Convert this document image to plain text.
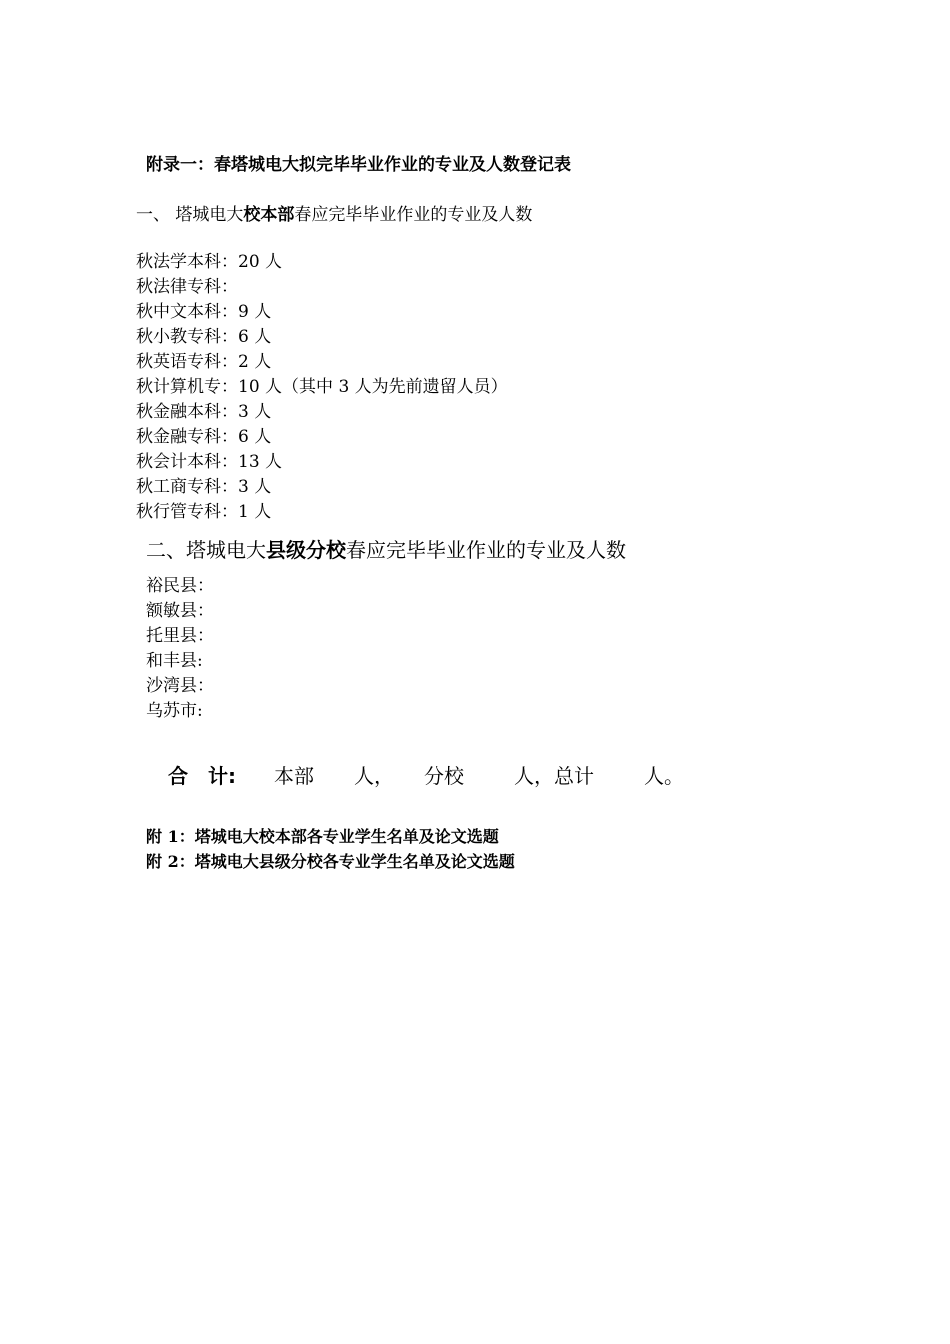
附录一：春塔城电大拟完毕毕业作业的专业及人数登记表
一、 塔城电大校本部春应完毕毕业作业的专业及人数
秋法学本科：20 人
秋法律专科：
秋中文本科：9 人
秋小教专科：6 人
秋英语专科：2 人
秋计算机专：10 人（其中 3 人为先前遗留人员）
秋金融本科：3 人
秋金融专科：6 人
秋会计本科：13 人
秋工商专科：3 人
秋行管专科：1 人
二、塔城电大县级分校春应完毕毕业作业的专业及人数
裕民县：
额敏县：
托里县：
和丰县:
沙湾县：
乌苏市:
合　计: 本部 人， 分校	人，总计	人。
附 1：塔城电大校本部各专业学生名单及论文选题
附 2：塔城电大县级分校各专业学生名单及论文选题
